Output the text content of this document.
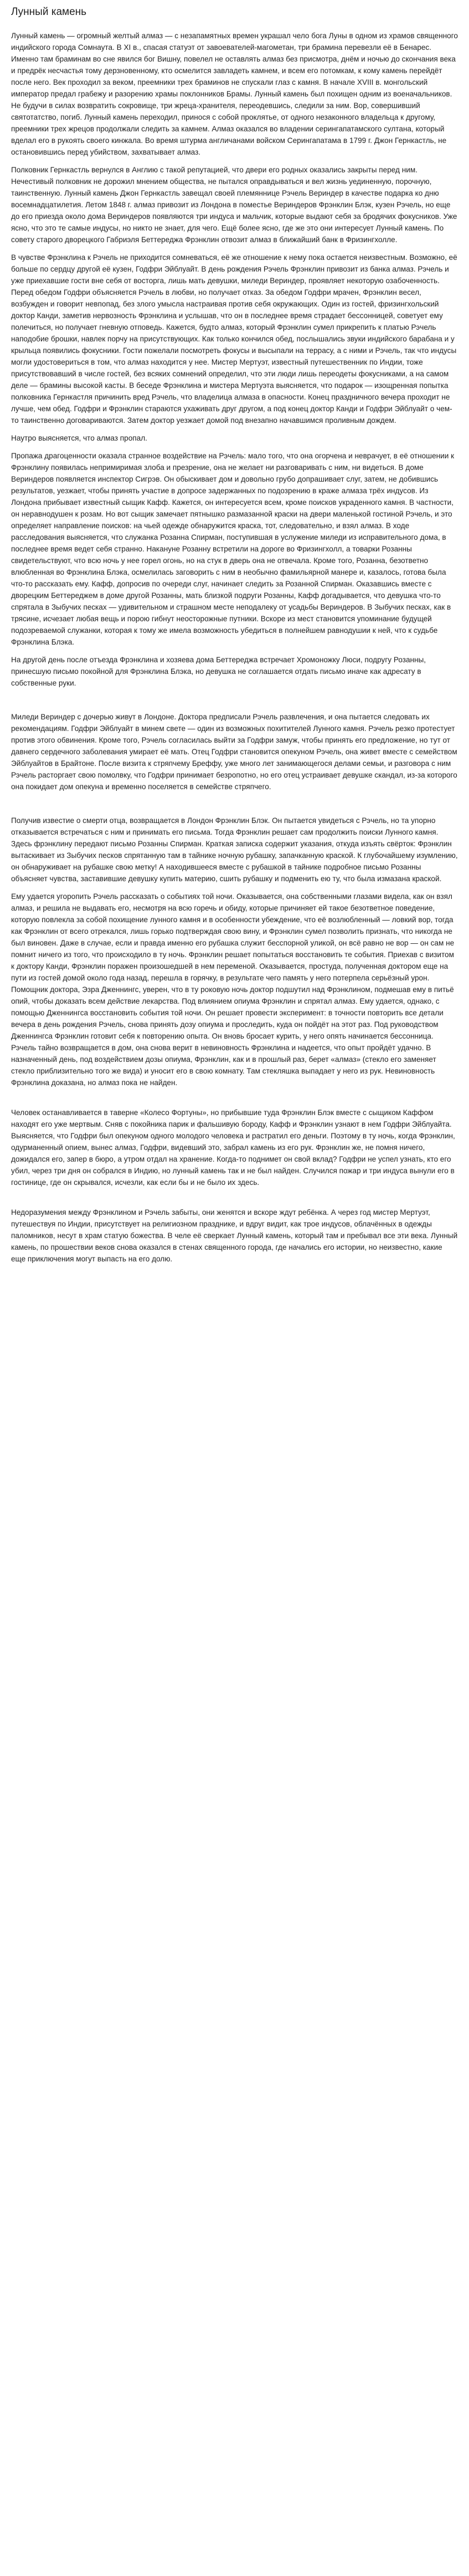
Лунный камень

Лунный камень — огромный желтый алмаз — с незапамятных времен украшал чело бога Луны в одном из храмов священного индийского города Сомнаута. В XI в., спасая статуэт от завоевателей-магометан, три брамина перевезли её в Бенарес. Именно там браминам во сне явился бог Вишну, повелел не оставлять алмаз без присмотра, днём и ночью до скончания века и предрёк несчастья тому дерзновенному, кто осмелится завладеть камнем, и всем его потомкам, к кому камень перейдёт после него. Век проходил за веком, преемники трех браминов не спускали глаз с камня. В начале XVIII в. монгольский император предал грабежу и разорению храмы поклонников Брамы. Лунный камень был похищен одним из военачальников. Не будучи в силах возвратить сокровище, три жреца-хранителя, переодевшись, следили за ним. Вор, совершивший святотатство, погиб. Лунный камень переходил, принося с собой проклятье, от одного незаконного владельца к другому, преемники трех жрецов продолжали следить за камнем. Алмаз оказался во владении серингапатамского султана, который вделал его в рукоять своего кинжала. Во время штурма англичанами войском Серингапатама в 1799 г. Джон Гернкастль, не остановившись перед убийством, захватывает алмаз.

Полковник Гернкастль вернулся в Англию с такой репутацией, что двери его родных оказались закрыты перед ним. Нечестивый полковник не дорожил мнением общества, не пытался оправдываться и вел жизнь уединенную, порочную, таинственную. Лунный камень Джон Гернкастль завещал своей племяннице Рэчель Вериндер в качестве подарка ко дню восемнадцатилетия. Летом 1848 г. алмаз привозит из Лондона в поместье Вериндеров Фрэнклин Блэк, кузен Рэчель, но еще до его приезда около дома Вериндеров появляются три индуса и мальчик, которые выдают себя за бродячих фокусников. Уже ясно, что это те самые индусы, но никто не знает, для чего. Ещё более ясно, где же это они интересует Лунный камень. По совету старого дворецкого Габриэля Беттереджа Фрэнклин отвозит алмаз в ближайший банк в Фризингхолле.

В чувстве Фрэнклина к Рэчель не приходится сомневаться, её же отношение к нему пока остается неизвестным. Возможно, её больше по сердцу другой её кузен, Годфри Эйблуайт. В день рождения Рэчель Фрэнклин привозит из банка алмаз. Рэчель и уже приехавшие гости вне себя от восторга, лишь мать девушки, миледи Вериндер, проявляет некоторую озабоченность. Перед обедом Годфри объясняется Рэчель в любви, но получает отказ. За обедом Годфри мрачен, Фрэнклин весел, возбужден и говорит невпопад, без злого умысла настраивая против себя окружающих. Один из гостей, фризингхольский доктор Канди, заметив нервозность Фрэнклина и услышав, что он в последнее время страдает бессонницей, советует ему полечиться, но получает гневную отповедь. Кажется, будто алмаз, который Фрэнклин сумел прикрепить к платью Рэчель наподобие брошки, навлек порчу на присутствующих. Как только кончился обед, послышались звуки индийского барабана и у крыльца появились фокусники. Гости пожелали посмотреть фокусы и высыпали на террасу, а с ними и Рэчель, так что индусы могли удостовериться в том, что алмаз находится у нее. Мистер Мертуэт, известный путешественник по Индии, тоже присутствовавший в числе гостей, без всяких сомнений определил, что эти люди лишь переодеты фокусниками, а на самом деле — брамины высокой касты. В беседе Фрэнклина и мистера Мертуэта выясняется, что подарок — изощренная попытка полковника Гернкастля причинить вред Рэчель, что владелица алмаза в опасности. Конец праздничного вечера проходит не лучше, чем обед. Годфри и Фрэнклин стараются ухаживать друг другом, а под конец доктор Канди и Годфри Эйблуайт о чем-то таинственно договариваются. Затем доктор уезжает домой под внезапно начавшимся проливным дождем.

Наутро выясняется, что алмаз пропал.

Пропажа драгоценности оказала странное воздействие на Рэчель: мало того, что она огорчена и неврачует, в её отношении к Фрэнклину появилась непримиримая злоба и презрение, она не желает ни разговаривать с ним, ни видеться. В доме Вериндеров появляется инспектор Сигрэв. Он обыскивает дом и довольно грубо допрашивает слуг, затем, не добившись результатов, уезжает, чтобы принять участие в допросе задержанных по подозрению в краже алмаза трёх индусов. Из Лондона прибывает известный сыщик Кафф. Кажется, он интересуется всем, кроме поисков украденного камня. В частности, он неравнодушен к розам. Но вот сыщик замечает пятнышко размазанной краски на двери маленькой гостиной Рэчель, и это определяет направление поисков: на чьей одежде обнаружится краска, тот, следовательно, и взял алмаз. В ходе расследования выясняется, что служанка Розанна Спирман, поступившая в услужение миледи из исправительного дома, в последнее время ведет себя странно. Накануне Розанну встретили на дороге во Фризингхолл, а товарки Розанны свидетельствуют, что всю ночь у нее горел огонь, но на стук в дверь она не отвечала. Кроме того, Розанна, безответно влюбленная во Фрэнклина Блэка, осмелилась заговорить с ним в необычно фамильярной манере и, казалось, готова была что-то рассказать ему. Кафф, допросив по очереди слуг, начинает следить за Розанной Спирман. Оказавшись вместе с дворецким Беттереджем в доме другой Розанны, мать близкой подруги Розанны, Кафф догадывается, что девушка что-то спрятала в Зыбучих песках — удивительном и страшном месте неподалеку от усадьбы Вериндеров. В Зыбучих песках, как в трясине, исчезает любая вещь и порою гибнут неосторожные путники. Вскоре из мест становится упоминание будущей подозреваемой служанки, которая к тому же имела возможность убедиться в полнейшем равнодушии к ней, что к судьбе Фрэнклина Блэка.

На другой день после отъезда Фрэнклина и хозяева дома Беттереджа встречает Хромоножку Люси, подругу Розанны, принесшую письмо покойной для Фрэнклина Блэка, но девушка не соглашается отдать письмо иначе как адресату в собственные руки.

Миледи Вериндер с дочерью живут в Лондоне. Доктора предписали Рэчель развлечения, и она пытается следовать их рекомендациям. Годфри Эйблуайт в минем свете — один из возможных похитителей Лунного камня. Рэчель резко протестует против этого обвинения. Кроме того, Рэчель согласилась выйти за Годфри замуж, чтобы принять его предложение, но тут от давнего сердечного заболевания умирает её мать. Отец Годфри становится опекуном Рэчель, она живет вместе с семейством Эйблуайтов в Брайтоне. После визита к стряпчему Бреффу, уже много лет занимающегося делами семьи, и разговора с ним Рэчель расторгает свою помолвку, что Годфри принимает безропотно, но его отец устраивает девушке скандал, из-за которого она покидает дом опекуна и временно поселяется в семействе стряпчего.

Получив известие о смерти отца, возвращается в Лондон Фрэнклин Блэк. Он пытается увидеться с Рэчель, но та упорно отказывается встречаться с ним и принимать его письма. Тогда Фрэнклин решает сам продолжить поиски Лунного камня. Здесь фрэнклину передают письмо Розанны Спирман. Краткая записка содержит указания, откуда изъять свёрток: Фрэнклин вытаскивает из Зыбучих песков спрятанную там в тайнике ночную рубашку, запачканную краской. К глубочайшему изумлению, он обнаруживает на рубашке свою метку! А находившееся вместе с рубашкой в тайнике подробное письмо Розанны объясняет чувства, заставившие девушку купить материю, сшить рубашку и подменить ею ту, что была измазана краской.

Ему удается угоропить Рэчель рассказать о событиях той ночи. Оказывается, она собственными глазами видела, как он взял алмаз, и решила не выдавать его, несмотря на всю горечь и обиду, которые причиняет ей такое безответное поведение, которую повлекла за собой похищение лунного камня и в особенности убеждение, что её возлюбленный — ловкий вор, тогда как Фрэнклин от всего отрекался, лишь горько подтверждая свою вину, и Фрэнклин сумел позволить признать, что никогда не был виновен. Даже в случае, если и правда именно его рубашка служит бесспорной уликой, он всё равно не вор — он сам не помнит ничего из того, что происходило в ту ночь. Фрэнклин решает попытаться восстановить те события. Приехав с визитом к доктору Канди, Фрэнклин поражен произошедшей в нем переменой. Оказывается, простуда, полученная доктором еще на пути из гостей домой около года назад, перешла в горячку, в результате чего память у него потерпела серьёзный урон. Помощник доктора, Эзра Дженнингс, уверен, что в ту роковую ночь доктор подшутил над Фрэнклином, подмешав ему в питьё опий, чтобы доказать всем действие лекарства. Под влиянием опиума Фрэнклин и спрятал алмаз. Ему удается, однако, с помощью Дженнингса восстановить события той ночи. Он решает провести эксперимент: в точности повторить все детали вечера в день рождения Рэчель, снова принять дозу опиума и проследить, куда он пойдёт на этот раз. Под руководством Дженнингса Фрэнклин готовит себя к повторению опыта. Он вновь бросает курить, у него опять начинается бессонница. Рэчель тайно возвращается в дом, она снова верит в невиновность Фрэнклина и надеется, что опыт пройдёт удачно. В назначенный день, под воздействием дозы опиума, Фрэнклин, как и в прошлый раз, берет «алмаз» (стекло его заменяет стекло приблизительно того же вида) и уносит его в свою комнату. Там стекляшка выпадает у него из рук. Невиновность Фрэнклина доказана, но алмаз пока не найден.

Человек останавливается в таверне «Колесо Фортуны», но прибывшие туда Фрэнклин Блэк вместе с сыщиком Каффом находят его уже мертвым. Сняв с покойника парик и фальшивую бороду, Кафф и Фрэнклин узнают в нем Годфри Эйблуайта. Выясняется, что Годфри был опекуном одного молодого человека и растратил его деньги. Поэтому в ту ночь, когда Фрэнклин, одурманенный опием, вынес алмаз, Годфри, видевший это, забрал камень из его рук. Фрэнклин же, не помня ничего, дожидался его, запер в бюро, а утром отдал на хранение. Когда-то поднимет он свой вклад? Годфри не успел узнать, кто его убил, через три дня он собрался в Индию, но лунный камень так и не был найден. Случился пожар и три индуса вынули его в гостинице, где он скрывался, исчезли, как если бы и не было их здесь.

Недоразумения между Фрэнклином и Рэчель забыты, они женятся и вскоре ждут ребёнка. А через год мистер Мертуэт, путешествуя по Индии, присутствует на религиозном празднике, и вдруг видит, как трое индусов, облачённых в одежды паломников, несут в храм статую божества. В челе её сверкает Лунный камень, который там и пребывал все эти века. Лунный камень, по прошествии веков снова оказался в стенах священного города, где начались его истории, но неизвестно, какие еще приключения могут выпасть на его долю.
